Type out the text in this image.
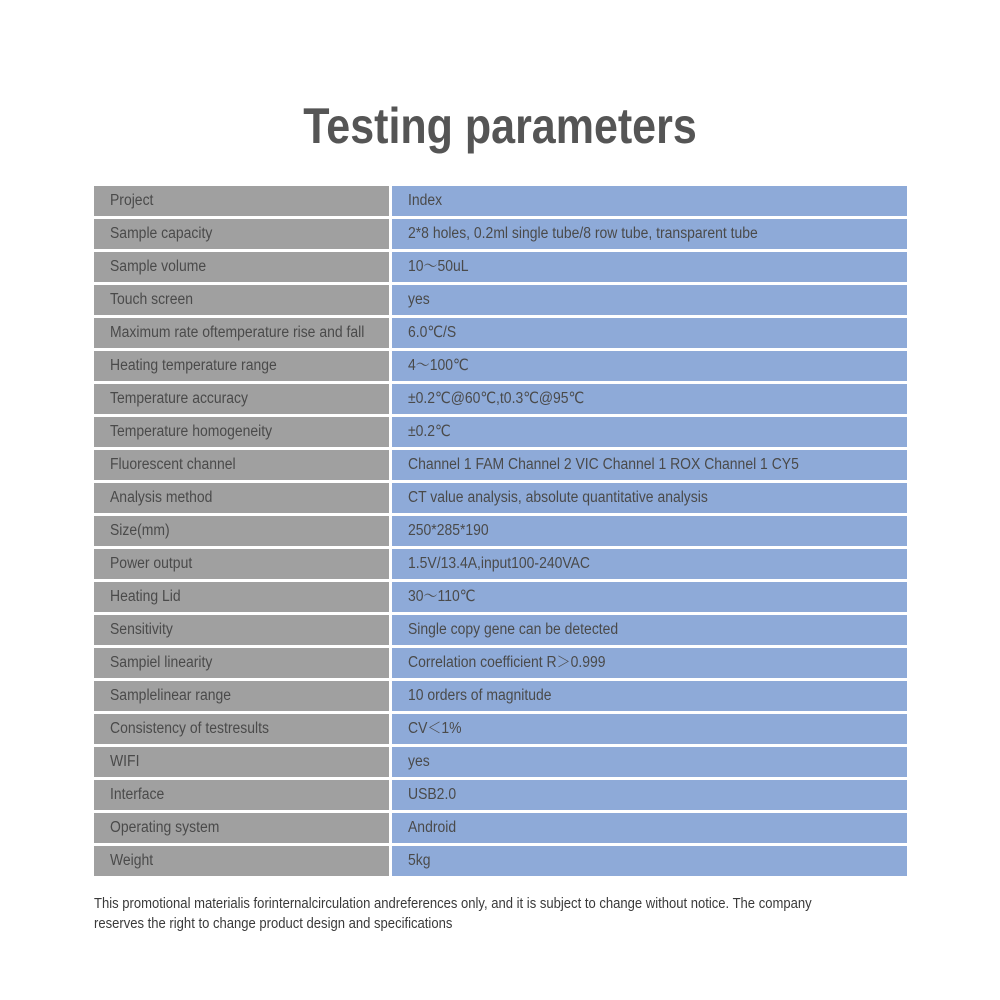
Testing parameters
Project	Index
Sample capacity	2*8 holes, 0.2ml single tube/8 row tube, transparent tube
Sample volume	10～50uL
Touch screen	yes
Maximum rate oftemperature rise and fall	6.0℃/S
Heating temperature range	4～100℃
Temperature accuracy	±0.2℃@60℃,t0.3℃@95℃
Temperature homogeneity	±0.2℃
Fluorescent channel	Channel 1 FAM Channel 2 VIC Channel 1 ROX Channel 1 CY5
Analysis method	CT value analysis, absolute quantitative analysis
Size(mm)	250*285*190
Power output	1.5V/13.4A,input100-240VAC
Heating Lid	30～110℃
Sensitivity	Single copy gene can be detected
Sampiel linearity	Correlation coefficient R＞0.999
Samplelinear range	10 orders of magnitude
Consistency of testresults	CV＜1%
WIFI	yes
Interface	USB2.0
Operating system	Android
Weight	5kg
This promotional materialis forinternalcirculation andreferences only, and it is subject to change without notice. The company
reserves the right to change product design and specifications
